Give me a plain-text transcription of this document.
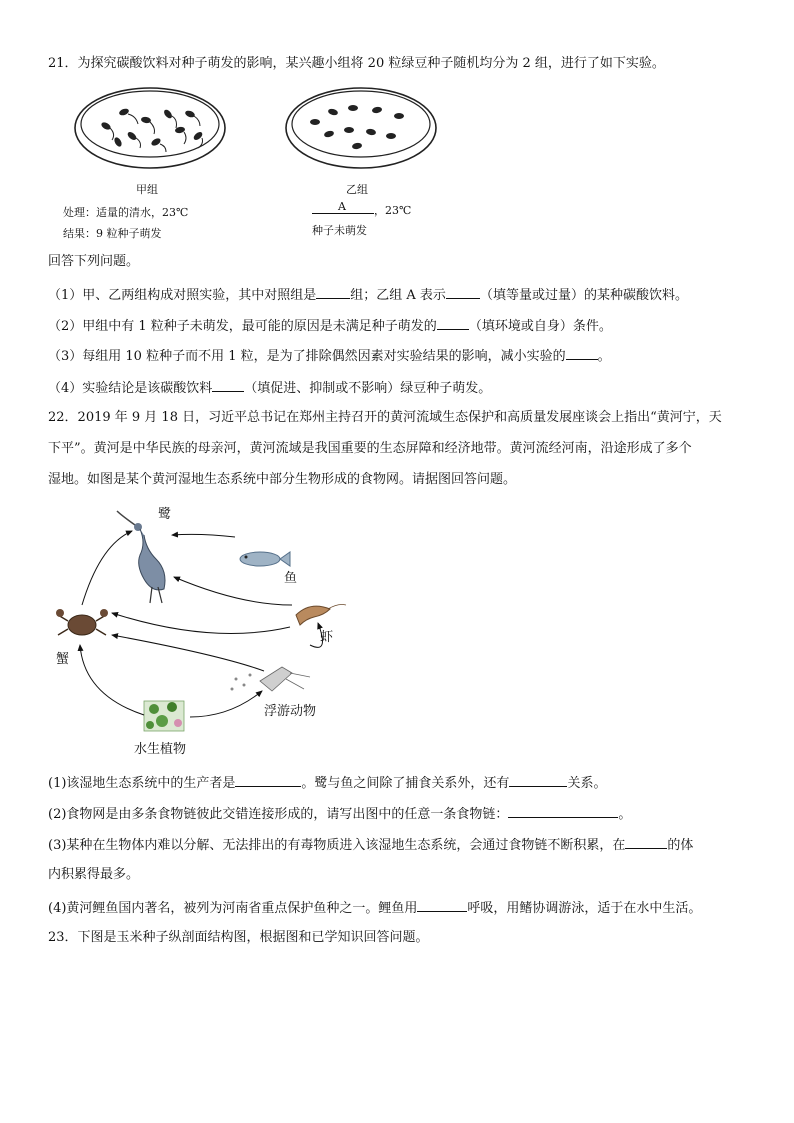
21．为探究碳酸饮料对种子萌发的影响，某兴趣小组将 20 粒绿豆种子随机均分为 2 组，进行了如下实验。
甲组
处理：适量的清水，23℃
结果：9 粒种子萌发
乙组
A	，23℃
种子未萌发
回答下列问题。
（1）甲、乙两组构成对照实验，其中对照组是	组；乙组 A 表示	（填等量或过量）的某种碳酸饮料。
（2）甲组中有 1 粒种子未萌发，最可能的原因是未满足种子萌发的 （填环境或自身）条件。
（3）每组用 10 粒种子而不用 1 粒，是为了排除偶然因素对实验结果的影响，减小实验的 。
（4）实验结论是该碳酸饮料 （填促进、抑制或不影响）绿豆种子萌发。
22．2019 年 9 月 18 日，习近平总书记在郑州主持召开的黄河流域生态保护和高质量发展座谈会上指出“黄河宁，天
下平”。黄河是中华民族的母亲河，黄河流域是我国重要的生态屏障和经济地带。黄河流经河南，沿途形成了多个
湿地。如图是某个黄河湿地生态系统中部分生物形成的食物网。请据图回答问题。
鹭
鱼
虾
蟹
浮游动物
水生植物
(1)该湿地生态系统中的生产者是	。鹭与鱼之间除了捕食关系外，还有	关系。
(2)食物网是由多条食物链彼此交错连接形成的，请写出图中的任意一条食物链：	。
(3)某种在生物体内难以分解、无法排出的有毒物质进入该湿地生态系统，会通过食物链不断积累，在	的体
内积累得最多。
(4)黄河鲤鱼国内著名，被列为河南省重点保护鱼种之一。鲤鱼用	呼吸，用鳍协调游泳，适于在水中生活。
23．下图是玉米种子纵剖面结构图，根据图和已学知识回答问题。
